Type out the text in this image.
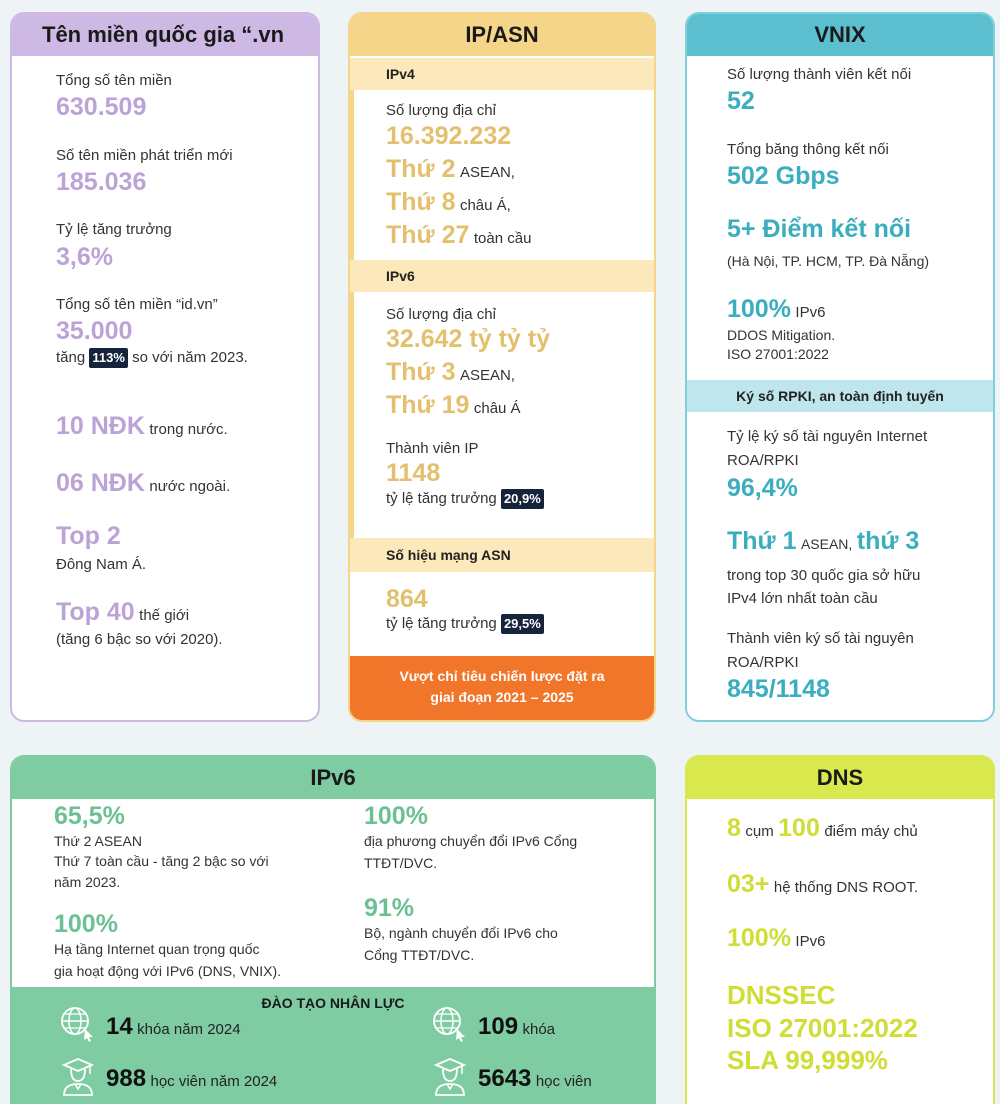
Tên miền quốc gia “.vn
Tổng số tên miền
630.509
Số tên miền phát triển mới
185.036
Tỷ lệ tăng trưởng
3,6%
Tổng số tên miền “id.vn”
35.000
tăng 113% so với năm 2023.
10 NĐK trong nước.
06 NĐK nước ngoài.
Top 2
Đông Nam Á.
Top 40 thế giới
(tăng 6 bậc so với 2020).
IP/ASN
IPv4
Số lượng địa chỉ
16.392.232
Thứ 2 ASEAN,
Thứ 8 châu Á,
Thứ 27 toàn cầu
IPv6
Số lượng địa chỉ
32.642 tỷ tỷ tỷ
Thứ 3 ASEAN,
Thứ 19 châu Á
Thành viên IP
1148
tỷ lệ tăng trưởng 20,9%
Số hiệu mạng ASN
864
tỷ lệ tăng trưởng 29,5%
Vượt chỉ tiêu chiến lược đặt ra
giai đoạn 2021 – 2025
VNIX
Số lượng thành viên kết nối
52
Tổng băng thông kết nối
502 Gbps
5+ Điểm kết nối
(Hà Nội, TP. HCM, TP. Đà Nẵng)
100% IPv6
DDOS Mitigation.
ISO 27001:2022
Ký số RPKI, an toàn định tuyến
Tỷ lệ ký số tài nguyên Internet
ROA/RPKI
96,4%
Thứ 1 ASEAN, thứ 3
trong top 30 quốc gia sở hữu
IPv4 lớn nhất toàn cầu
Thành viên ký số tài nguyên
ROA/RPKI
845/1148
IPv6
65,5%
Thứ 2 ASEAN
Thứ 7 toàn cầu - tăng 2 bậc so với
năm 2023.
100%
Hạ tầng Internet quan trọng quốc
gia hoạt động với IPv6 (DNS, VNIX).
100%
địa phương chuyển đổi IPv6 Cổng
TTĐT/DVC.
91%
Bộ, ngành chuyển đổi IPv6 cho
Cổng TTĐT/DVC.
ĐÀO TẠO NHÂN LỰC
14 khóa năm 2024	109 khóa
988 học viên năm 2024	5643 học viên
DNS
8 cụm 100 điểm máy chủ
03+ hệ thống DNS ROOT.
100% IPv6
DNSSEC
ISO 27001:2022
SLA 99,999%
